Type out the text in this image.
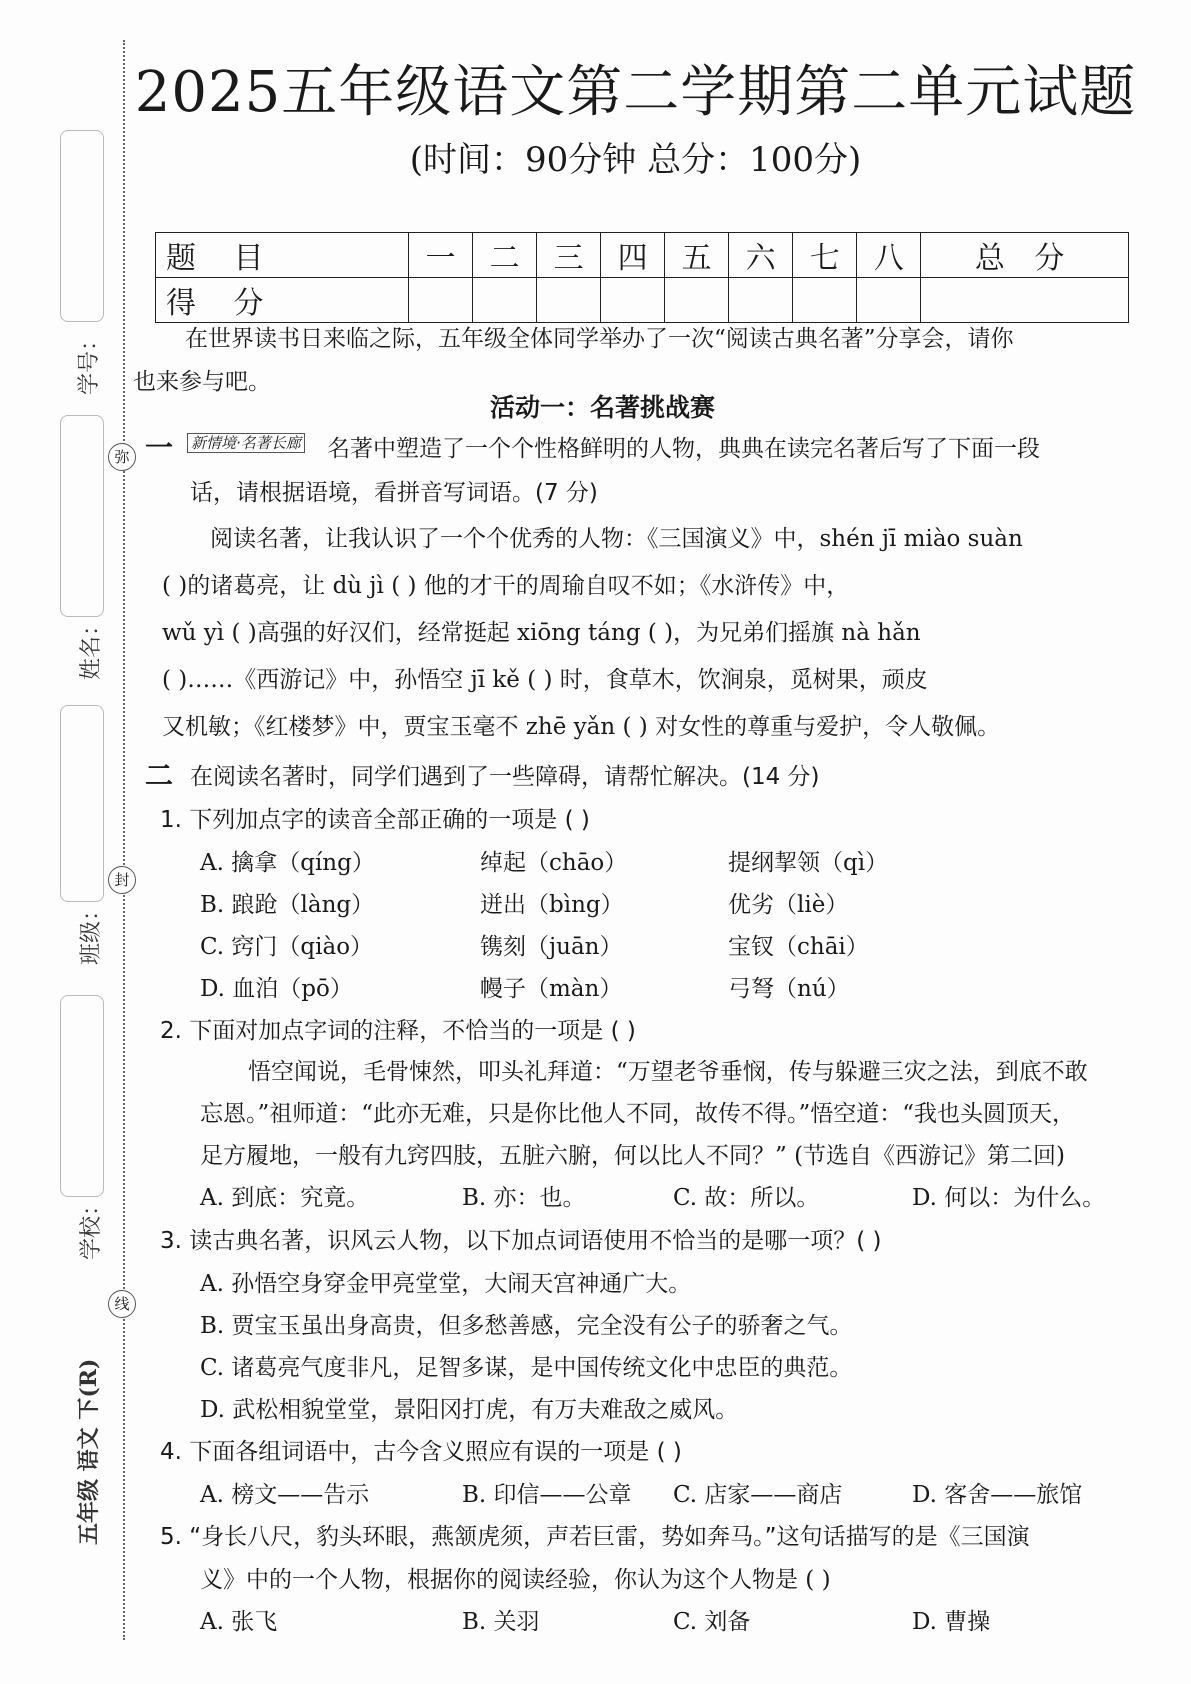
学号：
姓名：
班级：
学校：
五年级 语文 下(R)
弥
封
线
2025五年级语文第二学期第二单元试题
(时间：90分钟 总分：100分)
题 目	一	二	三	四	五	六	七	八	总 分
得 分									
在世界读书日来临之际，五年级全体同学举办了一次“阅读古典名著”分享会，请你
也来参与吧。
活动一：名著挑战赛
一 新情境·名著长廊 名著中塑造了一个个性格鲜明的人物，典典在读完名著后写了下面一段
话，请根据语境，看拼音写词语。(7 分)
阅读名著，让我认识了一个个优秀的人物：《三国演义》中，shén jī miào suàn
( )的诸葛亮，让 dù jì ( ) 他的才干的周瑜自叹不如；《水浒传》中，
wǔ yì ( )高强的好汉们，经常挺起 xiōng táng ( )，为兄弟们摇旗 nà hǎn
( )……《西游记》中，孙悟空 jī kě ( ) 时，食草木，饮涧泉，觅树果，顽皮
又机敏；《红楼梦》中，贾宝玉毫不 zhē yǎn ( ) 对女性的尊重与爱护，令人敬佩。
二 在阅读名著时，同学们遇到了一些障碍，请帮忙解决。(14 分)
1. 下列加点字的读音全部正确的一项是 ( )
A. 擒拿（qíng）	绰起（chāo）	提纲挈领（qì）
B. 踉跄（làng）	迸出（bìng）	优劣（liè）
C. 窍门（qiào）	镌刻（juān）	宝钗（chāi）
D. 血泊（pō）	幔子（màn）	弓弩（nú）
2. 下面对加点字词的注释，不恰当的一项是 ( )
悟空闻说，毛骨悚然，叩头礼拜道：“万望老爷垂悯，传与躲避三灾之法，到底不敢
忘恩。”祖师道：“此亦无难，只是你比他人不同，故传不得。”悟空道：“我也头圆顶天，
足方履地，一般有九窍四肢，五脏六腑，何以比人不同？” (节选自《西游记》第二回)
A. 到底：究竟。	B. 亦：也。	C. 故：所以。	D. 何以：为什么。
3. 读古典名著，识风云人物，以下加点词语使用不恰当的是哪一项？( )
A. 孙悟空身穿金甲亮堂堂，大闹天宫神通广大。
B. 贾宝玉虽出身高贵，但多愁善感，完全没有公子的骄奢之气。
C. 诸葛亮气度非凡，足智多谋，是中国传统文化中忠臣的典范。
D. 武松相貌堂堂，景阳冈打虎，有万夫难敌之威风。
4. 下面各组词语中，古今含义照应有误的一项是 ( )
A. 榜文——告示	B. 印信——公章 C. 店家——商店	D. 客舍——旅馆
5. “身长八尺，豹头环眼，燕颔虎须，声若巨雷，势如奔马。”这句话描写的是《三国演
义》中的一个人物，根据你的阅读经验，你认为这个人物是 ( )
A. 张飞	B. 关羽	C. 刘备	D. 曹操
